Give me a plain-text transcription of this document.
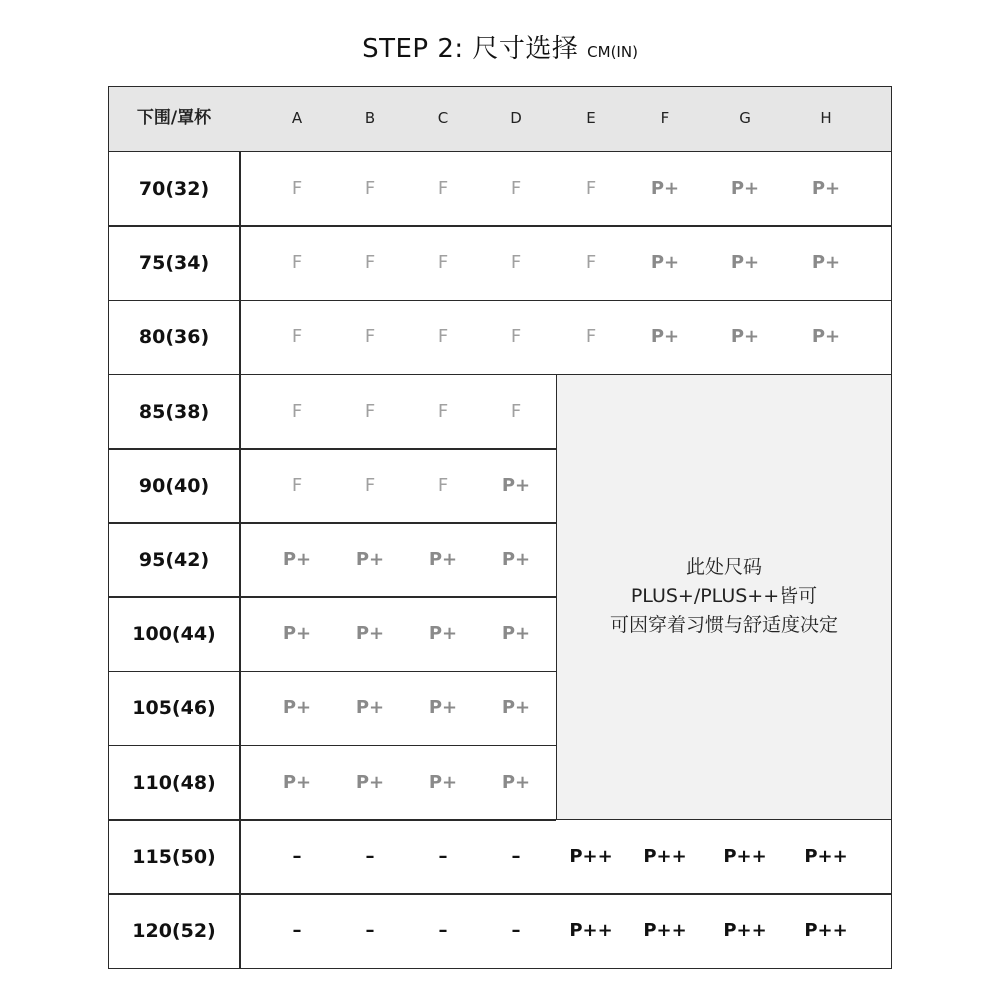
STEP 2: 尺寸选择 CM(IN)
下围/罩杯	A	B	C	D	E	F	G	H
此处尺码
PLUS+/PLUS++皆可
可因穿着习惯与舒适度决定
70(32)	F	F	F	F	F	P+	P+	P+
75(34)	F	F	F	F	F	P+	P+	P+
80(36)	F	F	F	F	F	P+	P+	P+
85(38)	F	F	F	F
90(40)	F	F	F	P+
95(42)	P+	P+	P+	P+
100(44)	P+	P+	P+	P+
105(46)	P+	P+	P+	P+
110(48)	P+	P+	P+	P+
115(50)	–	–	–	–	P++	P++	P++	P++
120(52)	–	–	–	–	P++	P++	P++	P++
